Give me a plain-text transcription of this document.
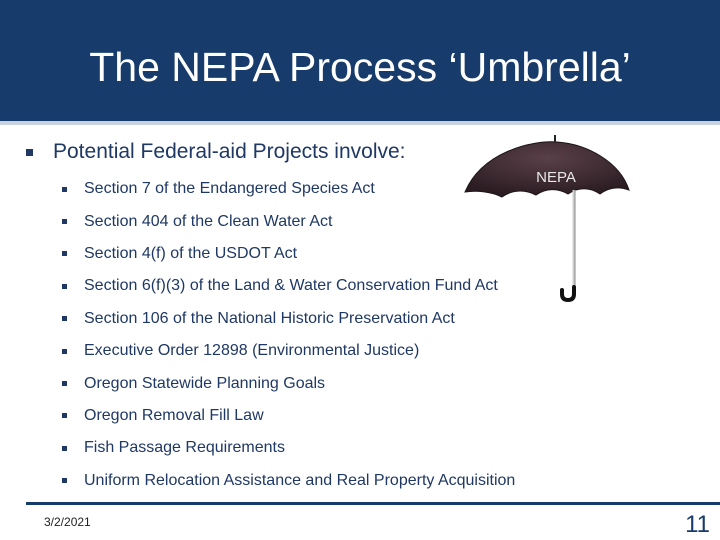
The NEPA Process ‘Umbrella’
Potential Federal-aid Projects involve:
Section 7 of the Endangered Species Act
Section 404 of the Clean Water Act
Section 4(f) of the USDOT Act
Section 6(f)(3) of the Land & Water Conservation Fund Act
Section 106 of the National Historic Preservation Act
Executive Order 12898 (Environmental Justice)
Oregon Statewide Planning Goals
Oregon Removal Fill Law
Fish Passage Requirements
Uniform Relocation Assistance and Real Property Acquisition
NEPA
3/2/2021	11
